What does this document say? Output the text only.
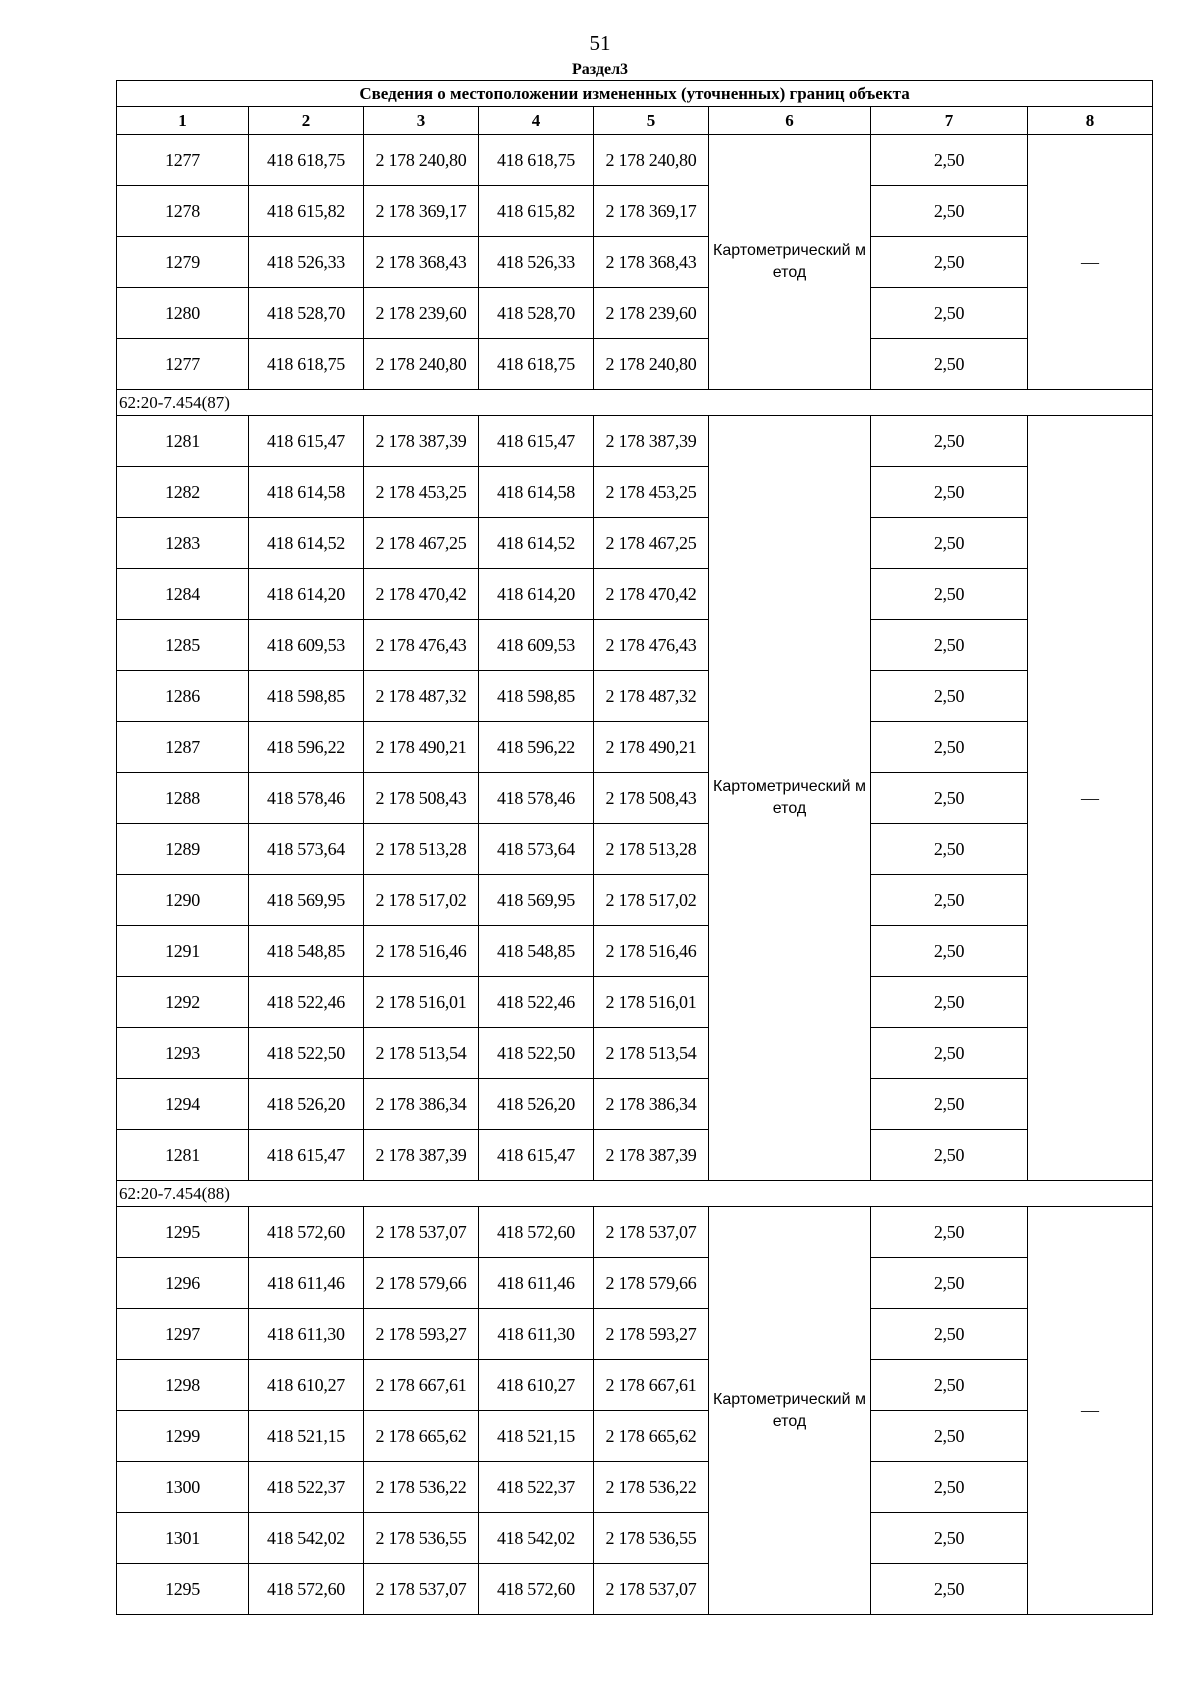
51
Раздел3
Сведения о местоположении измененных (уточненных) границ объекта							
1	2	3	4	5	6	7	8
1277	418 618,75	2 178 240,80	418 618,75	2 178 240,80	Картометрический метод	2,50	—
1278	418 615,82	2 178 369,17	418 615,82	2 178 369,17		2,50	
1279	418 526,33	2 178 368,43	418 526,33	2 178 368,43		2,50	
1280	418 528,70	2 178 239,60	418 528,70	2 178 239,60		2,50	
1277	418 618,75	2 178 240,80	418 618,75	2 178 240,80		2,50	
62:20-7.454(87)							
1281	418 615,47	2 178 387,39	418 615,47	2 178 387,39	Картометрический метод	2,50	—
1282	418 614,58	2 178 453,25	418 614,58	2 178 453,25		2,50	
1283	418 614,52	2 178 467,25	418 614,52	2 178 467,25		2,50	
1284	418 614,20	2 178 470,42	418 614,20	2 178 470,42		2,50	
1285	418 609,53	2 178 476,43	418 609,53	2 178 476,43		2,50	
1286	418 598,85	2 178 487,32	418 598,85	2 178 487,32		2,50	
1287	418 596,22	2 178 490,21	418 596,22	2 178 490,21		2,50	
1288	418 578,46	2 178 508,43	418 578,46	2 178 508,43		2,50	
1289	418 573,64	2 178 513,28	418 573,64	2 178 513,28		2,50	
1290	418 569,95	2 178 517,02	418 569,95	2 178 517,02		2,50	
1291	418 548,85	2 178 516,46	418 548,85	2 178 516,46		2,50	
1292	418 522,46	2 178 516,01	418 522,46	2 178 516,01		2,50	
1293	418 522,50	2 178 513,54	418 522,50	2 178 513,54		2,50	
1294	418 526,20	2 178 386,34	418 526,20	2 178 386,34		2,50	
1281	418 615,47	2 178 387,39	418 615,47	2 178 387,39		2,50	
62:20-7.454(88)							
1295	418 572,60	2 178 537,07	418 572,60	2 178 537,07	Картометрический метод	2,50	—
1296	418 611,46	2 178 579,66	418 611,46	2 178 579,66		2,50	
1297	418 611,30	2 178 593,27	418 611,30	2 178 593,27		2,50	
1298	418 610,27	2 178 667,61	418 610,27	2 178 667,61		2,50	
1299	418 521,15	2 178 665,62	418 521,15	2 178 665,62		2,50	
1300	418 522,37	2 178 536,22	418 522,37	2 178 536,22		2,50	
1301	418 542,02	2 178 536,55	418 542,02	2 178 536,55		2,50	
1295	418 572,60	2 178 537,07	418 572,60	2 178 537,07		2,50	
